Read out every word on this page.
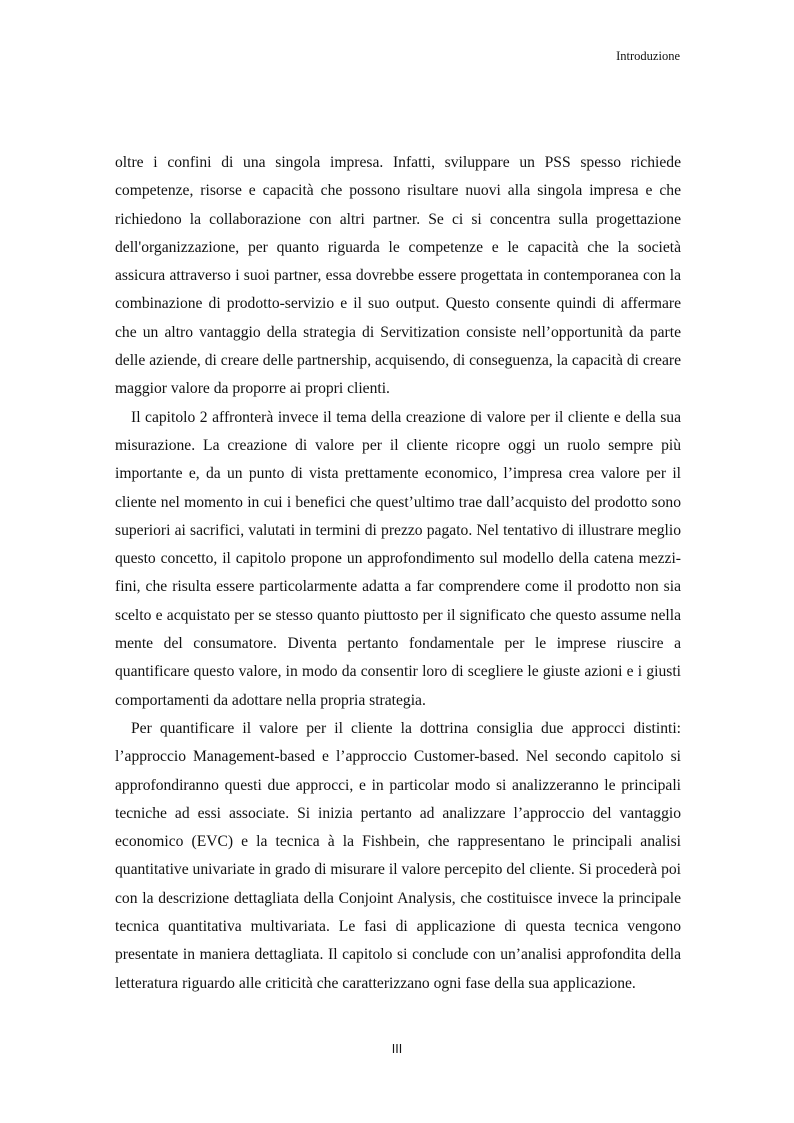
Introduzione

oltre i confini di una singola impresa. Infatti, sviluppare un PSS spesso richiede competenze, risorse e capacità che possono risultare nuovi alla singola impresa e che richiedono la collaborazione con altri partner. Se ci si concentra sulla progettazione dell'organizzazione, per quanto riguarda le competenze e le capacità che la società assicura attraverso i suoi partner, essa dovrebbe essere progettata in contemporanea con la combinazione di prodotto-servizio e il suo output. Questo consente quindi di affermare che un altro vantaggio della strategia di Servitization consiste nell’opportunità da parte delle aziende, di creare delle partnership, acquisendo, di conseguenza, la capacità di creare maggior valore da proporre ai propri clienti.

Il capitolo 2 affronterà invece il tema della creazione di valore per il cliente e della sua misurazione. La creazione di valore per il cliente ricopre oggi un ruolo sempre più importante e, da un punto di vista prettamente economico, l’impresa crea valore per il cliente nel momento in cui i benefici che quest’ultimo trae dall’acquisto del prodotto sono superiori ai sacrifici, valutati in termini di prezzo pagato. Nel tentativo di illustrare meglio questo concetto, il capitolo propone un approfondimento sul modello della catena mezzi-fini, che risulta essere particolarmente adatta a far comprendere come il prodotto non sia scelto e acquistato per se stesso quanto piuttosto per il significato che questo assume nella mente del consumatore. Diventa pertanto fondamentale per le imprese riuscire a quantificare questo valore, in modo da consentir loro di scegliere le giuste azioni e i giusti comportamenti da adottare nella propria strategia.

Per quantificare il valore per il cliente la dottrina consiglia due approcci distinti: l’approccio Management-based e l’approccio Customer-based. Nel secondo capitolo si approfondiranno questi due approcci, e in particolar modo si analizzeranno le principali tecniche ad essi associate. Si inizia pertanto ad analizzare l’approccio del vantaggio economico (EVC) e la tecnica à la Fishbein, che rappresentano le principali analisi quantitative univariate in grado di misurare il valore percepito del cliente. Si procederà poi con la descrizione dettagliata della Conjoint Analysis, che costituisce invece la principale tecnica quantitativa multivariata. Le fasi di applicazione di questa tecnica vengono presentate in maniera dettagliata. Il capitolo si conclude con un’analisi approfondita della letteratura riguardo alle criticità che caratterizzano ogni fase della sua applicazione.

III
